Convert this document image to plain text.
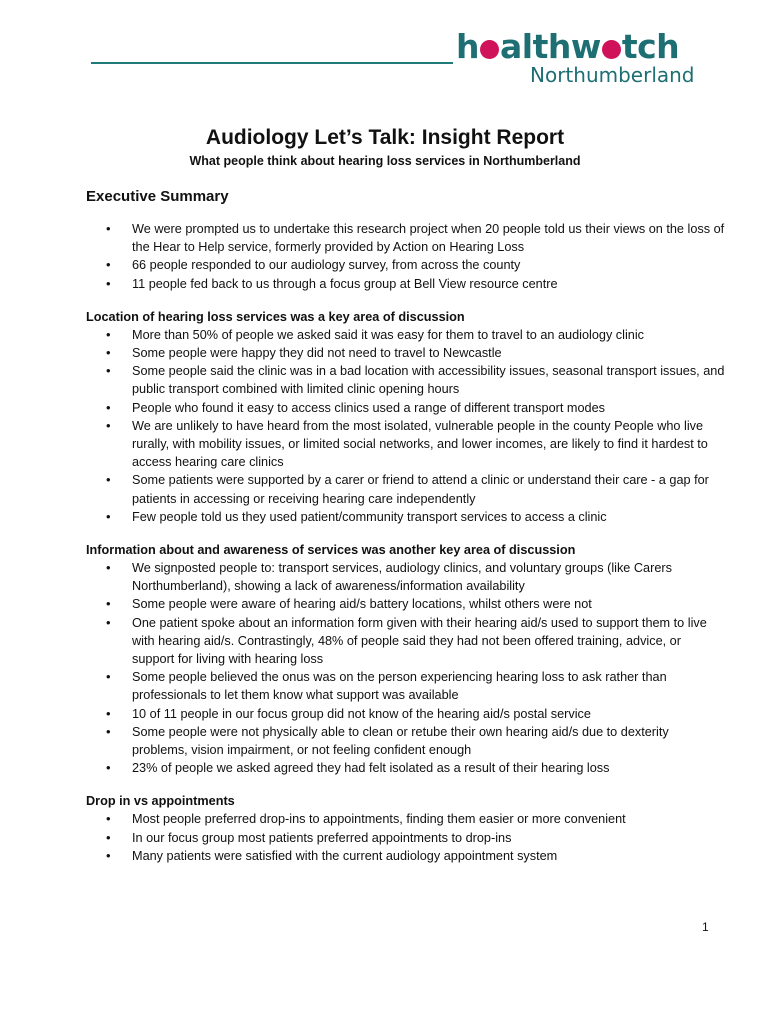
h althw tch
Northumberland
Audiology Let’s Talk: Insight Report
What people think about hearing loss services in Northumberland
Executive Summary
• We were prompted us to undertake this research project when 20 people told us their views on the loss of the Hear to Help service, formerly provided by Action on Hearing Loss
• 66 people responded to our audiology survey, from across the county
• 11 people fed back to us through a focus group at Bell View resource centre
Location of hearing loss services was a key area of discussion
• More than 50% of people we asked said it was easy for them to travel to an audiology clinic
• Some people were happy they did not need to travel to Newcastle
• Some people said the clinic was in a bad location with accessibility issues, seasonal transport issues, and public transport combined with limited clinic opening hours
• People who found it easy to access clinics used a range of different transport modes
• We are unlikely to have heard from the most isolated, vulnerable people in the county People who live rurally, with mobility issues, or limited social networks, and lower incomes, are likely to find it hardest to access hearing care clinics
• Some patients were supported by a carer or friend to attend a clinic or understand their care - a gap for patients in accessing or receiving hearing care independently
• Few people told us they used patient/community transport services to access a clinic
Information about and awareness of services was another key area of discussion
• We signposted people to: transport services, audiology clinics, and voluntary groups (like Carers Northumberland), showing a lack of awareness/information availability
• Some people were aware of hearing aid/s battery locations, whilst others were not
• One patient spoke about an information form given with their hearing aid/s used to support them to live with hearing aid/s. Contrastingly, 48% of people said they had not been offered training, advice, or support for living with hearing loss
• Some people believed the onus was on the person experiencing hearing loss to ask rather than professionals to let them know what support was available
• 10 of 11 people in our focus group did not know of the hearing aid/s postal service
• Some people were not physically able to clean or retube their own hearing aid/s due to dexterity problems, vision impairment, or not feeling confident enough
• 23% of people we asked agreed they had felt isolated as a result of their hearing loss
Drop in vs appointments
• Most people preferred drop-ins to appointments, finding them easier or more convenient
• In our focus group most patients preferred appointments to drop-ins
• Many patients were satisfied with the current audiology appointment system
1
